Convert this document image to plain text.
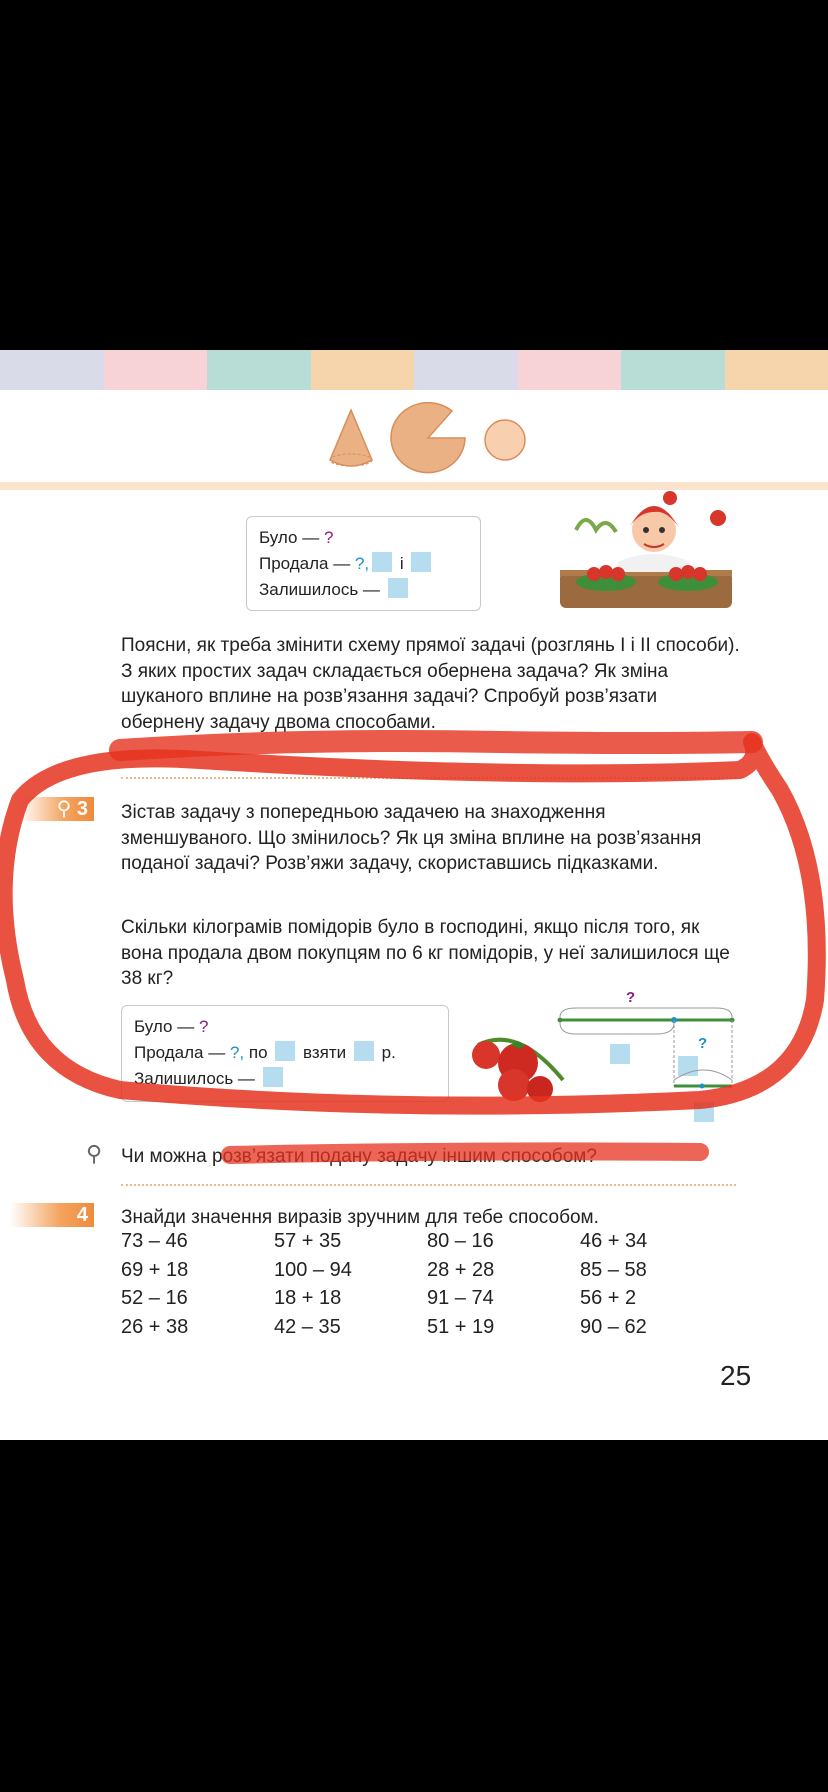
Було — ?
Продала — ?, і
Залишилось —
Поясни, як треба змінити схему прямої задачі (розглянь І і ІІ способи). З яких простих задач складається обернена задача? Як зміна шуканого вплине на розв’язання задачі? Спробуй розв’язати обернену задачу двома способами.
⚲ 3	Зістав задачу з попередньою задачею на знаходження зменшуваного. Що змінилось? Як ця зміна вплине на розв’язання поданої задачі? Розв’яжи задачу, скориставшись підказками.
Скільки кілограмів помідорів було в господині, якщо після того, як вона продала двом покупцям по 6 кг помідорів, у неї залишилося ще 38 кг?
Було — ?
Продала — ?, по взяти р.
Залишилось —
?
?
⚲ Чи можна розв’язати подану задачу іншим способом?
4	Знайди значення виразів зручним для тебе способом.
73 – 46	57 + 35	80 – 16	46 + 34
69 + 18	100 – 94	28 + 28	85 – 58
52 – 16	18 + 18	91 – 74	56 + 2
26 + 38	42 – 35	51 + 19	90 – 62
25
